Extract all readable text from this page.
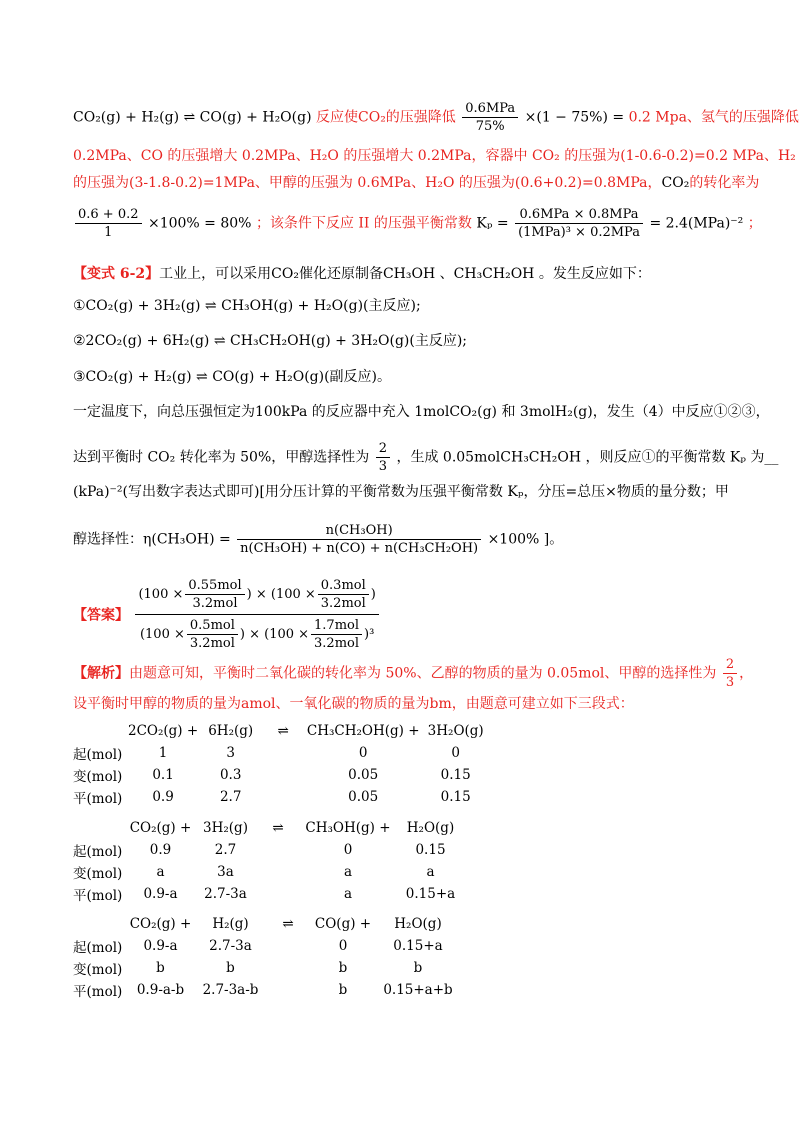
CO₂(g) + H₂(g) ⇌ CO(g) + H₂O(g) 反应使CO₂的压强降低 $\frac{\text{0.6MPa}}{75\%} \times(1 - 75\%) = 0.2$ Mpa、氢气的压强降低
0.2MPa、CO 的压强增大 0.2MPa、H₂O 的压强增大 0.2MPa，容器中 CO₂ 的压强为(1-0.6-0.2)=0.2 MPa、H₂
的压强为(3-1.8-0.2)=1MPa、甲醇的压强为 0.6MPa、H₂O 的压强为(0.6+0.2)=0.8MPa，CO₂的转化率为
$\frac{0.6 + 0.2}{1} \times 100\% = 80\%$ ；该条件下反应 II 的压强平衡常数 $K_p = \frac{\text{0.6MPa × 0.8MPa}}{\text{(1MPa)³ × 0.2MPa}} = 2.4(MPa)^{-2}$ ；
【变式 6-2】工业上，可以采用CO₂催化还原制备CH₃OH 、CH₃CH₂OH 。发生反应如下：
①CO₂(g) + 3H₂(g) ⇌ CH₃OH(g) + H₂O(g)(主反应);
②2CO₂(g) + 6H₂(g) ⇌ CH₃CH₂OH(g) + 3H₂O(g)(主反应);
③CO₂(g) + H₂(g) ⇌ CO(g) + H₂O(g)(副反应)。
一定温度下，向总压强恒定为100kPa 的反应器中充入 1molCO₂(g) 和 3molH₂(g)，发生（4）中反应①②③，
达到平衡时 CO₂ 转化率为 50%，甲醇选择性为 $\frac{2}{3}$ ，生成 0.05molCH₃CH₂OH ，则反应①的平衡常数 Kₚ 为__
(kPa)⁻²(写出数字表达式即可)[用分压计算的平衡常数为压强平衡常数 Kₚ，分压=总压×物质的量分数；甲
醇选择性：$\eta(CH_3OH) = \frac{\text{n(CH₃OH)}}{\text{n(CH₃OH) + n(CO) + n(CH₃CH₂OH)}} \times 100\%$ ]。
【答案】 $\frac{(100 \times \frac{\text{0.55mol}}{\text{3.2mol}} ) \times (100 \times \frac{\text{0.3mol}}{\text{3.2mol}} )}{(100 \times \frac{\text{0.5mol}}{\text{3.2mol}} ) \times (100 \times \frac{\text{1.7mol}}{\text{3.2mol}} )^3}$
【解析】由题意可知，平衡时二氧化碳的转化率为 50%、乙醇的物质的量为 0.05mol、甲醇的选择性为 $\frac{2}{3}$ ，
设平衡时甲醇的物质的量为amol、一氧化碳的物质的量为bm，由题意可建立如下三段式：
	2CO₂(g) +	6H₂(g)	⇌	CH₃CH₂OH(g) +	3H₂O(g)
起(mol)	1	3		0	0
变(mol)	0.1	0.3		0.05	0.15
平(mol)	0.9	2.7		0.05	0.15
	CO₂(g) +	3H₂(g)	⇌	CH₃OH(g) +	H₂O(g)
起(mol)	0.9	2.7		0	0.15
变(mol)	a	3a		a	a
平(mol)	0.9-a	2.7-3a		a	0.15+a
	CO₂(g) +	H₂(g)	⇌	CO(g) +	H₂O(g)
起(mol)	0.9-a	2.7-3a		0	0.15+a
变(mol)	b	b		b	b
平(mol)	0.9-a-b	2.7-3a-b		b	0.15+a+b
